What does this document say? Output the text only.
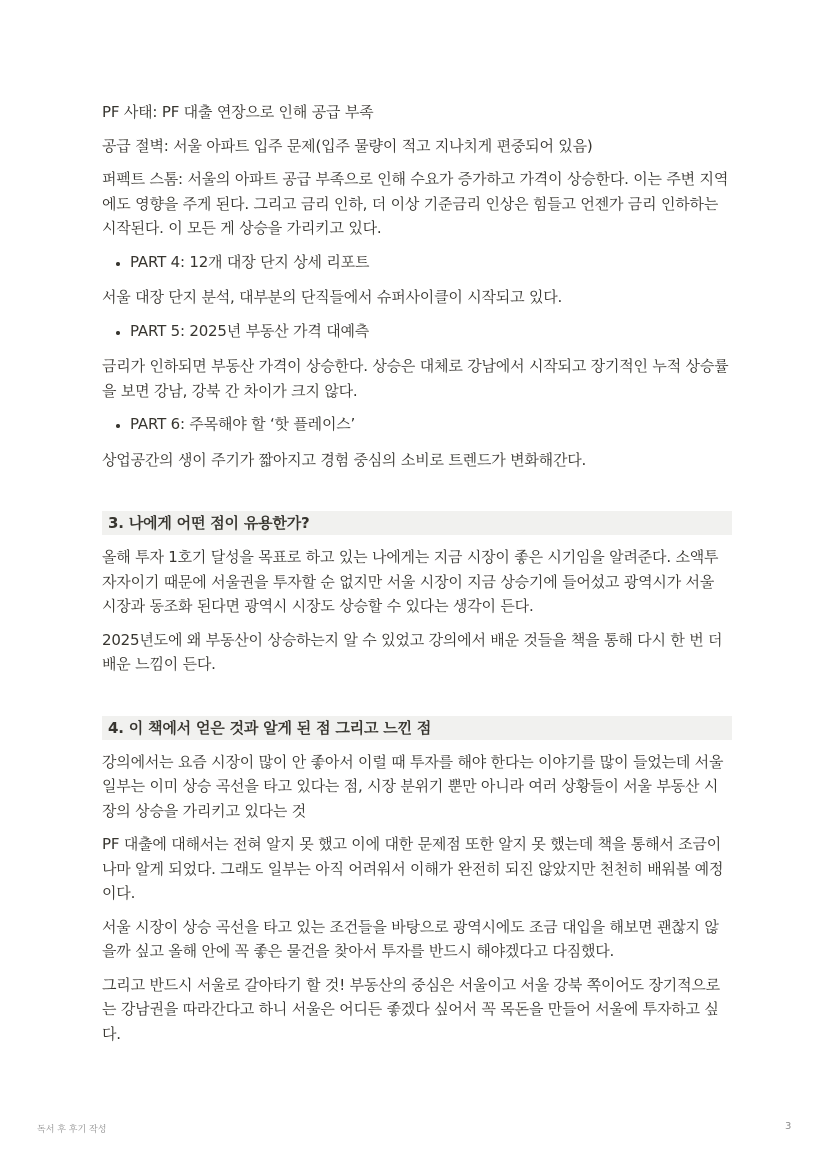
PF 사태: PF 대출 연장으로 인해 공급 부족

공급 절벽: 서울 아파트 입주 문제(입주 물량이 적고 지나치게 편중되어 있음)

퍼펙트 스톰: 서울의 아파트 공급 부족으로 인해 수요가 증가하고 가격이 상승한다. 이는 주변 지역에도 영향을 주게 된다. 그리고 금리 인하, 더 이상 기준금리 인상은 힘들고 언젠가 금리 인하하는 시작된다. 이 모든 게 상승을 가리키고 있다.

• PART 4: 12개 대장 단지 상세 리포트

서울 대장 단지 분석, 대부분의 단직들에서 슈퍼사이클이 시작되고 있다.

• PART 5: 2025년 부동산 가격 대예측

금리가 인하되면 부동산 가격이 상승한다. 상승은 대체로 강남에서 시작되고 장기적인 누적 상승률을 보면 강남, 강북 간 차이가 크지 않다.

• PART 6: 주목해야 할 ‘핫 플레이스’

상업공간의 생이 주기가 짧아지고 경험 중심의 소비로 트렌드가 변화해간다.

3. 나에게 어떤 점이 유용한가?

올해 투자 1호기 달성을 목표로 하고 있는 나에게는 지금 시장이 좋은 시기임을 알려준다. 소액투자자이기 때문에 서울권을 투자할 순 없지만 서울 시장이 지금 상승기에 들어섰고 광역시가 서울 시장과 동조화 된다면 광역시 시장도 상승할 수 있다는 생각이 든다.

2025년도에 왜 부동산이 상승하는지 알 수 있었고 강의에서 배운 것들을 책을 통해 다시 한 번 더 배운 느낌이 든다.

4. 이 책에서 얻은 것과 알게 된 점 그리고 느낀 점

강의에서는 요즘 시장이 많이 안 좋아서 이럴 때 투자를 해야 한다는 이야기를 많이 들었는데 서울 일부는 이미 상승 곡선을 타고 있다는 점, 시장 분위기 뿐만 아니라 여러 상황들이 서울 부동산 시장의 상승을 가리키고 있다는 것

PF 대출에 대해서는 전혀 알지 못 했고 이에 대한 문제점 또한 알지 못 했는데 책을 통해서 조금이나마 알게 되었다. 그래도 일부는 아직 어려워서 이해가 완전히 되진 않았지만 천천히 배워볼 예정이다.

서울 시장이 상승 곡선을 타고 있는 조건들을 바탕으로 광역시에도 조금 대입을 해보면 괜찮지 않을까 싶고 올해 안에 꼭 좋은 물건을 찾아서 투자를 반드시 해야겠다고 다짐했다.

그리고 반드시 서울로 갈아타기 할 것! 부동산의 중심은 서울이고 서울 강북 쪽이어도 장기적으로는 강남권을 따라간다고 하니 서울은 어디든 좋겠다 싶어서 꼭 목돈을 만들어 서울에 투자하고 싶다.

독서 후 후기 작성	3
